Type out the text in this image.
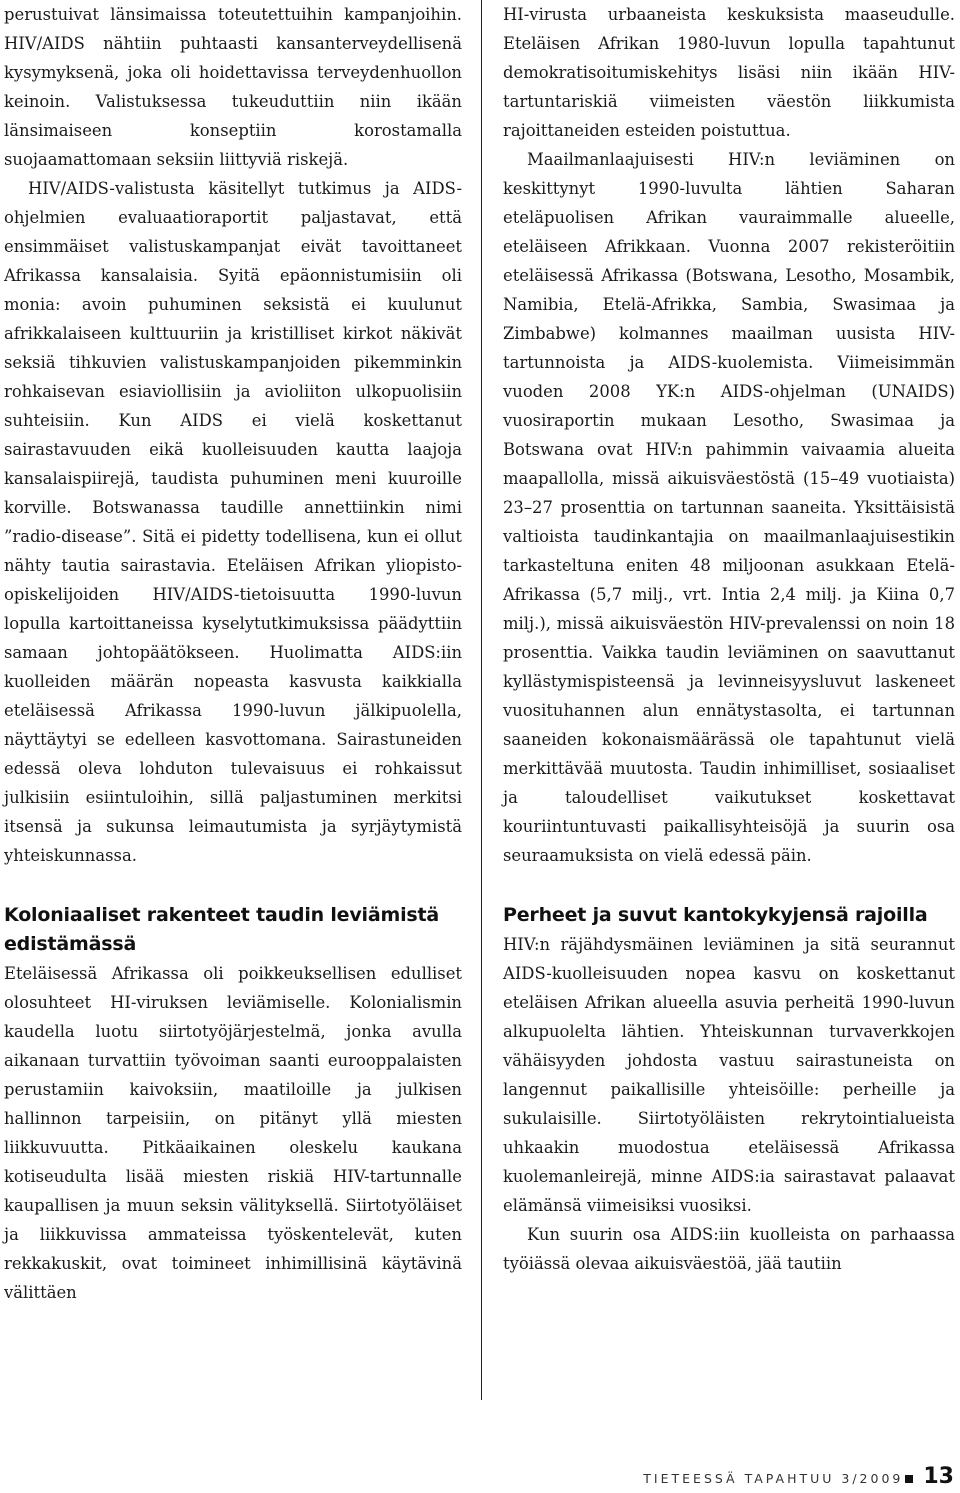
perustuivat länsimaissa toteutettuihin kampanjoihin. HIV/AIDS nähtiin puhtaasti kansanterveydellisenä kysymyksenä, joka oli hoidettavissa terveydenhuollon keinoin. Valistuksessa tukeuduttiin niin ikään länsimaiseen konseptiin korostamalla suojaamattomaan seksiin liittyviä riskejä.

HIV/AIDS-valistusta käsitellyt tutkimus ja AIDS-ohjelmien evaluaatioraportit paljastavat, että ensimmäiset valistuskampanjat eivät tavoittaneet Afrikassa kansalaisia. Syitä epäonnistumisiin oli monia: avoin puhuminen seksistä ei kuulunut afrikkalaiseen kulttuuriin ja kristilliset kirkot näkivät seksiä tihkuvien valistuskampanjoiden pikemminkin rohkaisevan esiaviollisiin ja avioliiton ulkopuolisiin suhteisiin. Kun AIDS ei vielä koskettanut sairastavuuden eikä kuolleisuuden kautta laajoja kansalaispiirejä, taudista puhuminen meni kuuroille korville. Botswanassa taudille annettiinkin nimi ”radio-disease”. Sitä ei pidetty todellisena, kun ei ollut nähty tautia sairastavia. Eteläisen Afrikan yliopisto-opiskelijoiden HIV/AIDS-tietoisuutta 1990-luvun lopulla kartoittaneissa kyselytutkimuksissa päädyttiin samaan johtopäätökseen. Huolimatta AIDS:iin kuolleiden määrän nopeasta kasvusta kaikkialla eteläisessä Afrikassa 1990-luvun jälkipuolella, näyttäytyi se edelleen kasvottomana. Sairastuneiden edessä oleva lohduton tulevaisuus ei rohkaissut julkisiin esiintuloihin, sillä paljastuminen merkitsi itsensä ja sukunsa leimautumista ja syrjäytymistä yhteiskunnassa.

Koloniaaliset rakenteet taudin leviämistä edistämässä

Eteläisessä Afrikassa oli poikkeuksellisen edulliset olosuhteet HI-viruksen leviämiselle. Kolonialismin kaudella luotu siirtotyöjärjestelmä, jonka avulla aikanaan turvattiin työvoiman saanti eurooppalaisten perustamiin kaivoksiin, maatiloille ja julkisen hallinnon tarpeisiin, on pitänyt yllä miesten liikkuvuutta. Pitkäaikainen oleskelu kaukana kotiseudulta lisää miesten riskiä HIV-tartunnalle kaupallisen ja muun seksin välityksellä. Siirtotyöläiset ja liikkuvissa ammateissa työskentelevät, kuten rekkakuskit, ovat toimineet inhimillisinä käytävinä välittäen

HI-virusta urbaaneista keskuksista maaseudulle. Eteläisen Afrikan 1980-luvun lopulla tapahtunut demokratisoitumiskehitys lisäsi niin ikään HIV-tartuntariskiä viimeisten väestön liikkumista rajoittaneiden esteiden poistuttua.

Maailmanlaajuisesti HIV:n leviäminen on keskittynyt 1990-luvulta lähtien Saharan eteläpuolisen Afrikan vauraimmalle alueelle, eteläiseen Afrikkaan. Vuonna 2007 rekisteröitiin eteläisessä Afrikassa (Botswana, Lesotho, Mosambik, Namibia, Etelä-Afrikka, Sambia, Swasimaa ja Zimbabwe) kolmannes maailman uusista HIV-tartunnoista ja AIDS-kuolemista. Viimeisimmän vuoden 2008 YK:n AIDS-ohjelman (UNAIDS) vuosiraportin mukaan Lesotho, Swasimaa ja Botswana ovat HIV:n pahimmin vaivaamia alueita maapallolla, missä aikuisväestöstä (15–49 vuotiaista) 23–27 prosenttia on tartunnan saaneita. Yksittäisistä valtioista taudinkantajia on maailmanlaajuisestikin tarkasteltuna eniten 48 miljoonan asukkaan Etelä-Afrikassa (5,7 milj., vrt. Intia 2,4 milj. ja Kiina 0,7 milj.), missä aikuisväestön HIV-prevalenssi on noin 18 prosenttia. Vaikka taudin leviäminen on saavuttanut kyllästymispisteensä ja levinneisyysluvut laskeneet vuosituhannen alun ennätystasolta, ei tartunnan saaneiden kokonaismäärässä ole tapahtunut vielä merkittävää muutosta. Taudin inhimilliset, sosiaaliset ja taloudelliset vaikutukset koskettavat kouriintuntuvasti paikallisyhteisöjä ja suurin osa seuraamuksista on vielä edessä päin.

Perheet ja suvut kantokykyjensä rajoilla

HIV:n räjähdysmäinen leviäminen ja sitä seurannut AIDS-kuolleisuuden nopea kasvu on koskettanut eteläisen Afrikan alueella asuvia perheitä 1990-luvun alkupuolelta lähtien. Yhteiskunnan turvaverkkojen vähäisyyden johdosta vastuu sairastuneista on langennut paikallisille yhteisöille: perheille ja sukulaisille. Siirtotyöläisten rekrytointialueista uhkaakin muodostua eteläisessä Afrikassa kuolemanleirejä, minne AIDS:ia sairastavat palaavat elämänsä viimeisiksi vuosiksi.

Kun suurin osa AIDS:iin kuolleista on parhaassa työiässä olevaa aikuisväestöä, jää tautiin

TIETEESSÄ TAPAHTUU 3/2009 13
